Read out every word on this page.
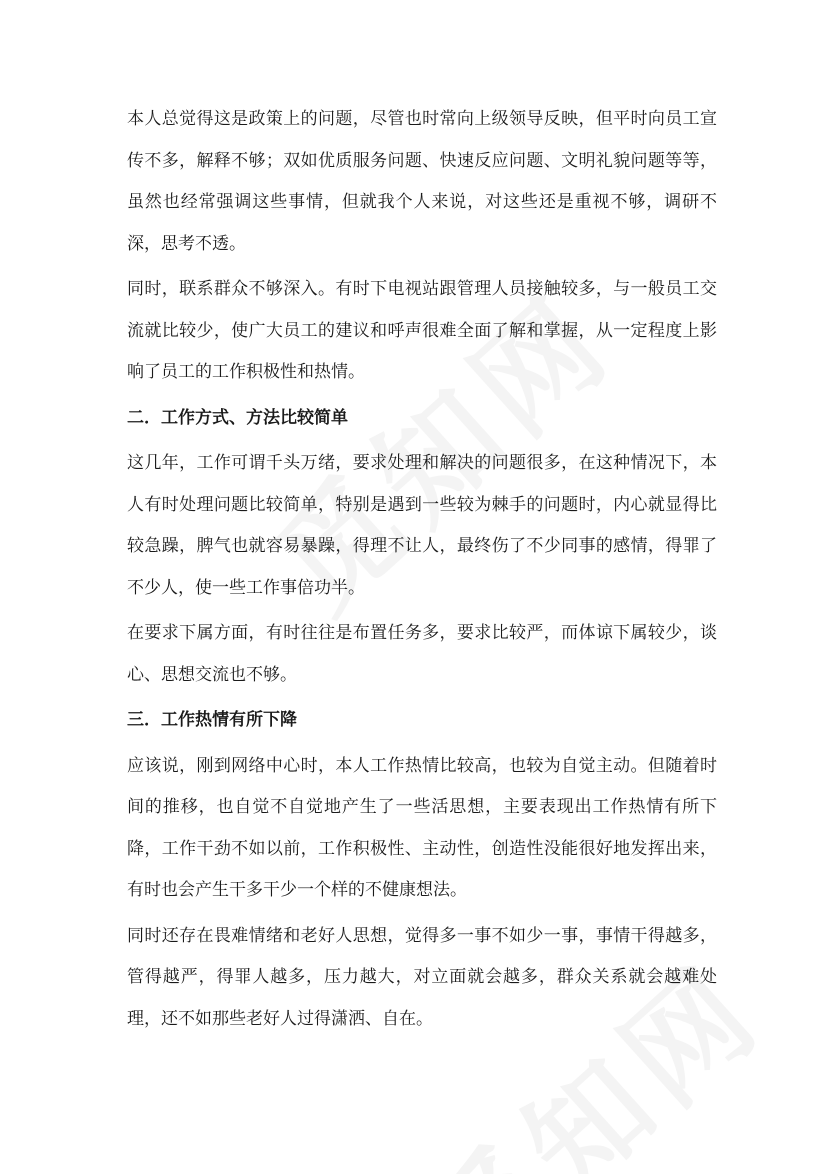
本人总觉得这是政策上的问题，尽管也时常向上级领导反映，但平时向员工宣传不多，解释不够；双如优质服务问题、快速反应问题、文明礼貌问题等等，虽然也经常强调这些事情，但就我个人来说，对这些还是重视不够，调研不深，思考不透。

同时，联系群众不够深入。有时下电视站跟管理人员接触较多，与一般员工交流就比较少，使广大员工的建议和呼声很难全面了解和掌握，从一定程度上影响了员工的工作积极性和热情。

二．工作方式、方法比较简单

这几年，工作可谓千头万绪，要求处理和解决的问题很多，在这种情况下，本人有时处理问题比较简单，特别是遇到一些较为棘手的问题时，内心就显得比较急躁，脾气也就容易暴躁，得理不让人，最终伤了不少同事的感情，得罪了不少人，使一些工作事倍功半。

在要求下属方面，有时往往是布置任务多，要求比较严，而体谅下属较少，谈心、思想交流也不够。

三．工作热情有所下降

应该说，刚到网络中心时，本人工作热情比较高，也较为自觉主动。但随着时间的推移，也自觉不自觉地产生了一些活思想，主要表现出工作热情有所下降，工作干劲不如以前，工作积极性、主动性，创造性没能很好地发挥出来，有时也会产生干多干少一个样的不健康想法。

同时还存在畏难情绪和老好人思想，觉得多一事不如少一事，事情干得越多，管得越严，得罪人越多，压力越大，对立面就会越多，群众关系就会越难处理，还不如那些老好人过得潇洒、自在。
